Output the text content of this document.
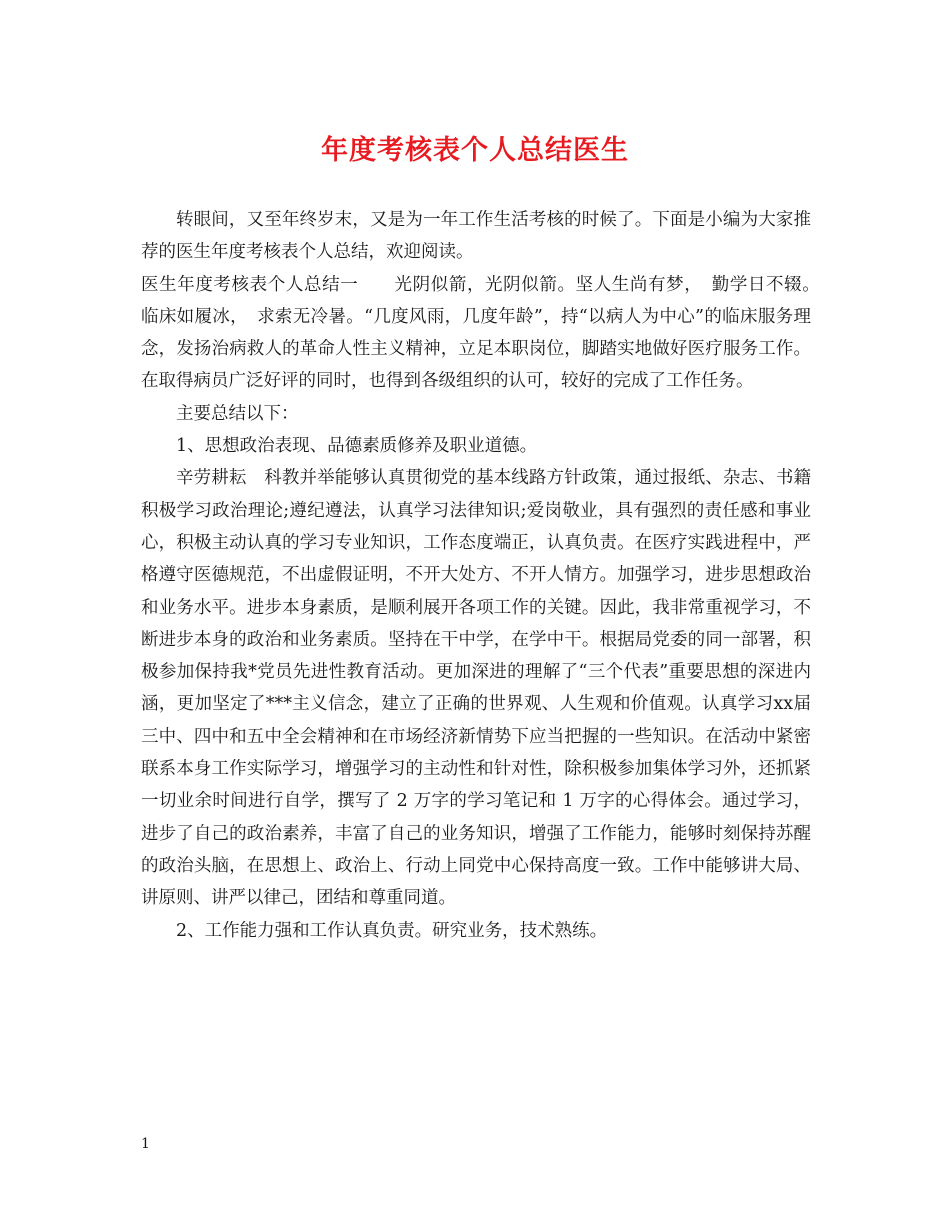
年度考核表个人总结医生

转眼间，又至年终岁末，又是为一年工作生活考核的时候了。下面是小编为大家推荐的医生年度考核表个人总结，欢迎阅读。

医生年度考核表个人总结一　　光阴似箭，光阴似箭。坚人生尚有梦，　勤学日不辍。　临床如履冰，　求索无冷暑。“几度风雨，几度年龄”，持“以病人为中心”的临床服务理念，发扬治病救人的革命人性主义精神，立足本职岗位，脚踏实地做好医疗服务工作。在取得病员广泛好评的同时，也得到各级组织的认可，较好的完成了工作任务。

主要总结以下：

1、思想政治表现、品德素质修养及职业道德。

辛劳耕耘　科教并举能够认真贯彻党的基本线路方针政策，通过报纸、杂志、书籍积极学习政治理论;遵纪遵法，认真学习法律知识;爱岗敬业，具有强烈的责任感和事业心，积极主动认真的学习专业知识，工作态度端正，认真负责。在医疗实践进程中，严格遵守医德规范，不出虚假证明，不开大处方、不开人情方。加强学习，进步思想政治和业务水平。进步本身素质，是顺利展开各项工作的关键。因此，我非常重视学习，不断进步本身的政治和业务素质。坚持在干中学，在学中干。根据局党委的同一部署，积极参加保持我*党员先进性教育活动。更加深进的理解了“三个代表”重要思想的深进内涵，更加坚定了***主义信念，建立了正确的世界观、人生观和价值观。认真学习xx届三中、四中和五中全会精神和在市场经济新情势下应当把握的一些知识。在活动中紧密联系本身工作实际学习，增强学习的主动性和针对性，除积极参加集体学习外，还抓紧一切业余时间进行自学，撰写了 2 万字的学习笔记和 1 万字的心得体会。通过学习，进步了自己的政治素养，丰富了自己的业务知识，增强了工作能力，能够时刻保持苏醒的政治头脑，在思想上、政治上、行动上同党中心保持高度一致。工作中能够讲大局、讲原则、讲严以律己，团结和尊重同道。

2、工作能力强和工作认真负责。研究业务，技术熟练。

1
